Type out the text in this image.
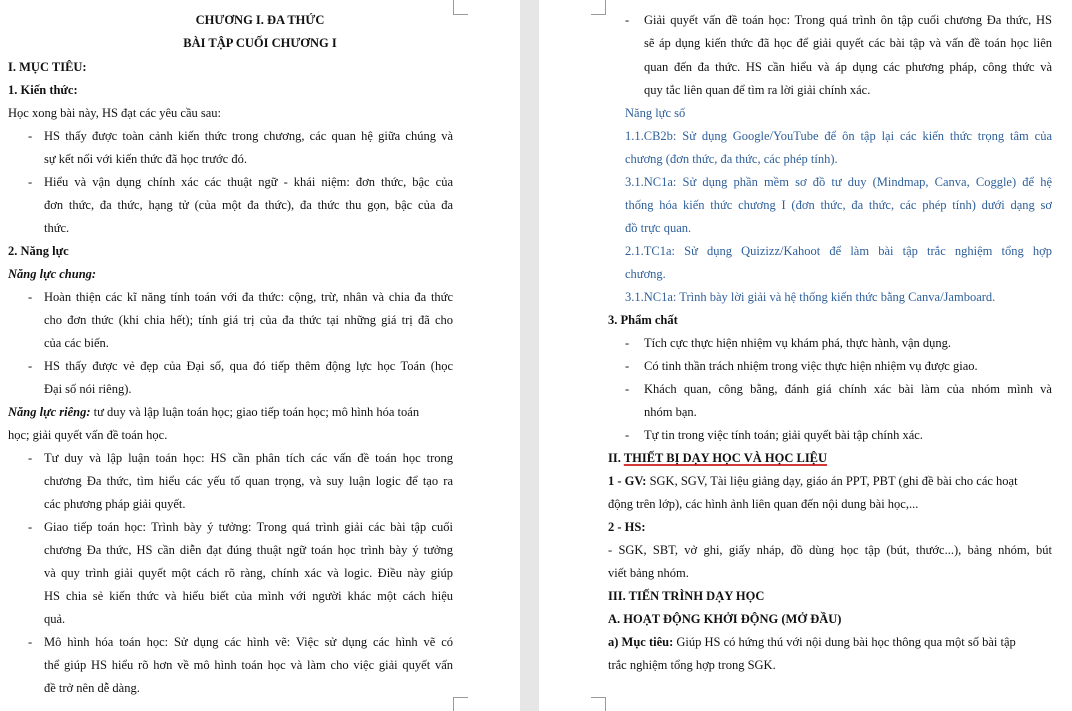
CHƯƠNG I. ĐA THỨC
BÀI TẬP CUỐI CHƯƠNG I
I. MỤC TIÊU:
1. Kiến thức:
Học xong bài này, HS đạt các yêu cầu sau:
- HS thấy được toàn cảnh kiến thức trong chương, các quan hệ giữa chúng và
sự kết nối với kiến thức đã học trước đó.
- Hiểu và vận dụng chính xác các thuật ngữ - khái niệm: đơn thức, bậc của
đơn thức, đa thức, hạng tử (của một đa thức), đa thức thu gọn, bậc của đa
thức.
2. Năng lực
Năng lực chung:
- Hoàn thiện các kĩ năng tính toán với đa thức: cộng, trừ, nhân và chia đa thức
cho đơn thức (khi chia hết); tính giá trị của đa thức tại những giá trị đã cho
của các biến.
- HS thấy được vẻ đẹp của Đại số, qua đó tiếp thêm động lực học Toán (học
Đại số nói riêng).
Năng lực riêng: tư duy và lập luận toán học; giao tiếp toán học; mô hình hóa toán
học; giải quyết vấn đề toán học.
- Tư duy và lập luận toán học: HS cần phân tích các vấn đề toán học trong
chương Đa thức, tìm hiểu các yếu tố quan trọng, và suy luận logic để tạo ra
các phương pháp giải quyết.
- Giao tiếp toán học: Trình bày ý tưởng: Trong quá trình giải các bài tập cuối
chương Đa thức, HS cần diễn đạt đúng thuật ngữ toán học trình bày ý tưởng
và quy trình giải quyết một cách rõ ràng, chính xác và logic. Điều này giúp
HS chia sẻ kiến thức và hiểu biết của mình với người khác một cách hiệu
quả.
- Mô hình hóa toán học: Sử dụng các hình vẽ: Việc sử dụng các hình vẽ có
thể giúp HS hiểu rõ hơn về mô hình toán học và làm cho việc giải quyết vấn
đề trở nên dễ dàng.
- Giải quyết vấn đề toán học: Trong quá trình ôn tập cuối chương Đa thức, HS
sẽ áp dụng kiến thức đã học để giải quyết các bài tập và vấn đề toán học liên
quan đến đa thức. HS cần hiểu và áp dụng các phương pháp, công thức và
quy tắc liên quan để tìm ra lời giải chính xác.
Năng lực số
1.1.CB2b: Sử dụng Google/YouTube để ôn tập lại các kiến thức trọng tâm của
chương (đơn thức, đa thức, các phép tính).
3.1.NC1a: Sử dụng phần mềm sơ đồ tư duy (Mindmap, Canva, Coggle) để hệ
thống hóa kiến thức chương I (đơn thức, đa thức, các phép tính) dưới dạng sơ
đồ trực quan.
2.1.TC1a: Sử dụng Quizizz/Kahoot để làm bài tập trắc nghiệm tổng hợp
chương.
3.1.NC1a: Trình bày lời giải và hệ thống kiến thức bằng Canva/Jamboard.
3. Phẩm chất
- Tích cực thực hiện nhiệm vụ khám phá, thực hành, vận dụng.
- Có tinh thần trách nhiệm trong việc thực hiện nhiệm vụ được giao.
- Khách quan, công bằng, đánh giá chính xác bài làm của nhóm mình và
nhóm bạn.
- Tự tin trong việc tính toán; giải quyết bài tập chính xác.
II. THIẾT BỊ DẠY HỌC VÀ HỌC LIỆU
1 - GV: SGK, SGV, Tài liệu giảng dạy, giáo án PPT, PBT (ghi đề bài cho các hoạt
động trên lớp), các hình ảnh liên quan đến nội dung bài học,...
2 - HS:
- SGK, SBT, vở ghi, giấy nháp, đồ dùng học tập (bút, thước...), bảng nhóm, bút
viết bảng nhóm.
III. TIẾN TRÌNH DẠY HỌC
A. HOẠT ĐỘNG KHỞI ĐỘNG (MỞ ĐẦU)
a) Mục tiêu: Giúp HS có hứng thú với nội dung bài học thông qua một số bài tập
trắc nghiệm tổng hợp trong SGK.
